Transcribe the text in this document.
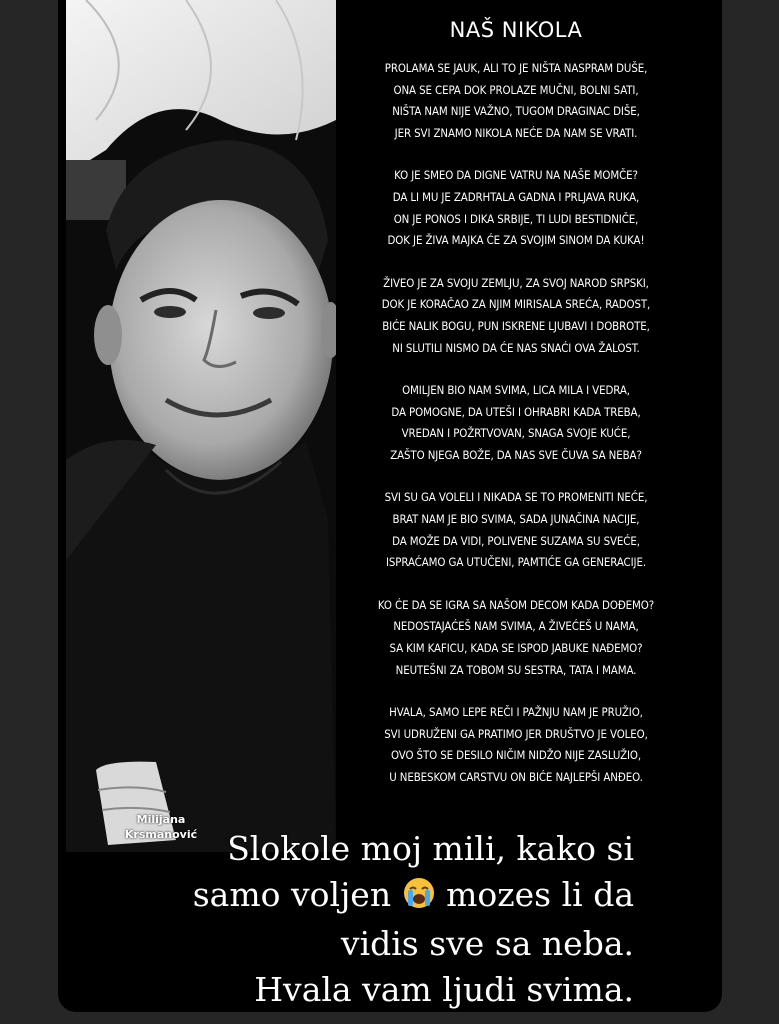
Milijana
Krsmanović
NAŠ NIKOLA
PROLAMA SE JAUK, ALI TO JE NIŠTA NASPRAM DUŠE,
ONA SE CEPA DOK PROLAZE MUČNI, BOLNI SATI,
NIŠTA NAM NIJE VAŽNO, TUGOM DRAGINAC DIŠE,
JER SVI ZNAMO NIKOLA NEĆE DA NAM SE VRATI.
KO JE SMEO DA DIGNE VATRU NA NAŠE MOMČE?
DA LI MU JE ZADRHTALA GADNA I PRLJAVA RUKA,
ON JE PONOS I DIKA SRBIJE, TI LUDI BESTIDNIČE,
DOK JE ŽIVA MAJKA ĆE ZA SVOJIM SINOM DA KUKA!
ŽIVEO JE ZA SVOJU ZEMLJU, ZA SVOJ NAROD SRPSKI,
DOK JE KORAČAO ZA NJIM MIRISALA SREĆA, RADOST,
BIĆE NALIK BOGU, PUN ISKRENE LJUBAVI I DOBROTE,
NI SLUTILI NISMO DA ĆE NAS SNAĆI OVA ŽALOST.
OMILJEN BIO NAM SVIMA, LICA MILA I VEDRA,
DA POMOGNE, DA UTEŠI I OHRABRI KADA TREBA,
VREDAN I POŽRTVOVAN, SNAGA SVOJE KUĆE,
ZAŠTO NJEGA BOŽE, DA NAS SVE ČUVA SA NEBA?
SVI SU GA VOLELI I NIKADA SE TO PROMENITI NEĆE,
BRAT NAM JE BIO SVIMA, SADA JUNAČINA NACIJE,
DA MOŽE DA VIDI, POLIVENE SUZAMA SU SVEĆE,
ISPRAĆAMO GA UTUČENI, PAMTIĆE GA GENERACIJE.
KO ĆE DA SE IGRA SA NAŠOM DECOM KADA DOĐEMO?
NEDOSTAJAĆEŠ NAM SVIMA, A ŽIVEĆEŠ U NAMA,
SA KIM KAFICU, KADA SE ISPOD JABUKE NAĐEMO?
NEUTEŠNI ZA TOBOM SU SESTRA, TATA I MAMA.
HVALA, SAMO LEPE REČI I PAŽNJU NAM JE PRUŽIO,
SVI UDRUŽENI GA PRATIMO JER DRUŠTVO JE VOLEO,
OVO ŠTO SE DESILO NIČIM NIDŽO NIJE ZASLUŽIO,
U NEBESKOM CARSTVU ON BIĆE NAJLEPŠI ANĐEO.
Slokole moj mili, kako si
samo voljen mozes li da
vidis sve sa neba.
Hvala vam ljudi svima.
